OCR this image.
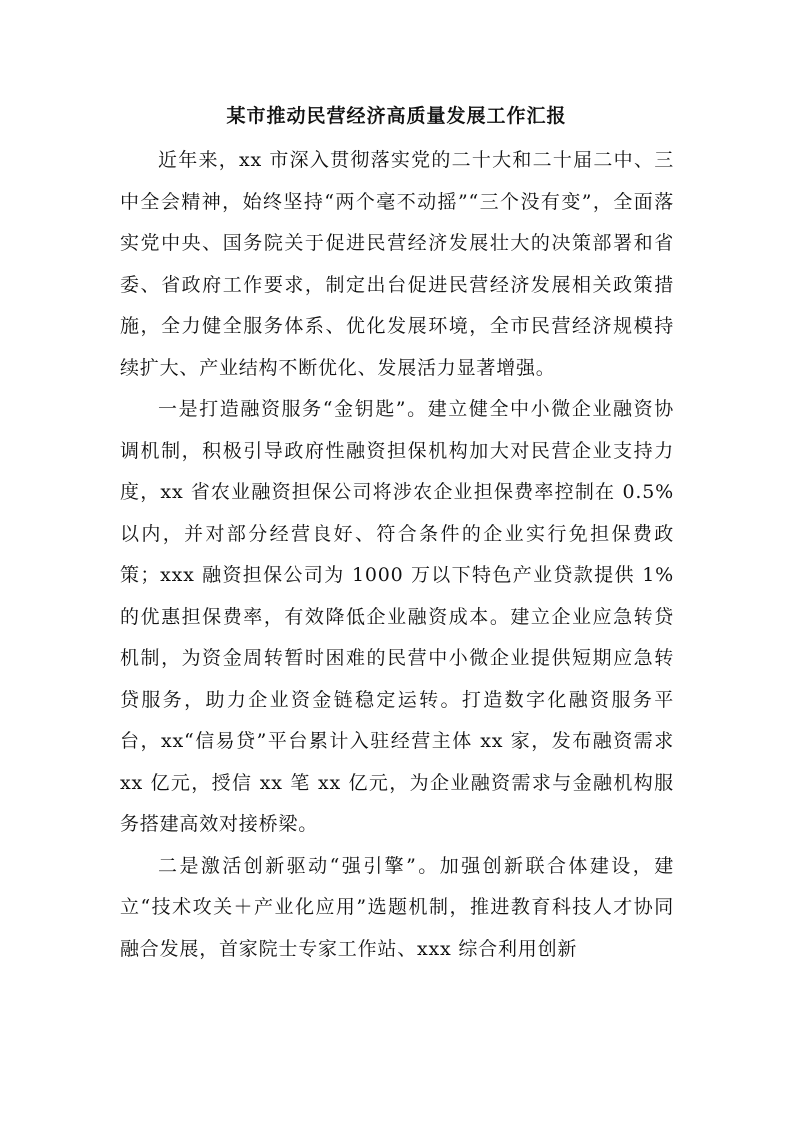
某市推动民营经济高质量发展工作汇报

近年来，xx 市深入贯彻落实党的二十大和二十届二中、三中全会精神，始终坚持“两个毫不动摇”“三个没有变”，全面落实党中央、国务院关于促进民营经济发展壮大的决策部署和省委、省政府工作要求，制定出台促进民营经济发展相关政策措施，全力健全服务体系、优化发展环境，全市民营经济规模持续扩大、产业结构不断优化、发展活力显著增强。

一是打造融资服务“金钥匙”。建立健全中小微企业融资协调机制，积极引导政府性融资担保机构加大对民营企业支持力度，xx 省农业融资担保公司将涉农企业担保费率控制在 0.5%以内，并对部分经营良好、符合条件的企业实行免担保费政策；xxx 融资担保公司为 1000 万以下特色产业贷款提供 1%的优惠担保费率，有效降低企业融资成本。建立企业应急转贷机制，为资金周转暂时困难的民营中小微企业提供短期应急转贷服务，助力企业资金链稳定运转。打造数字化融资服务平台，xx“信易贷”平台累计入驻经营主体 xx 家，发布融资需求 xx 亿元，授信 xx 笔 xx 亿元，为企业融资需求与金融机构服务搭建高效对接桥梁。

二是激活创新驱动“强引擎”。加强创新联合体建设，建立“技术攻关＋产业化应用”选题机制，推进教育科技人才协同融合发展，首家院士专家工作站、xxx 综合利用创新
